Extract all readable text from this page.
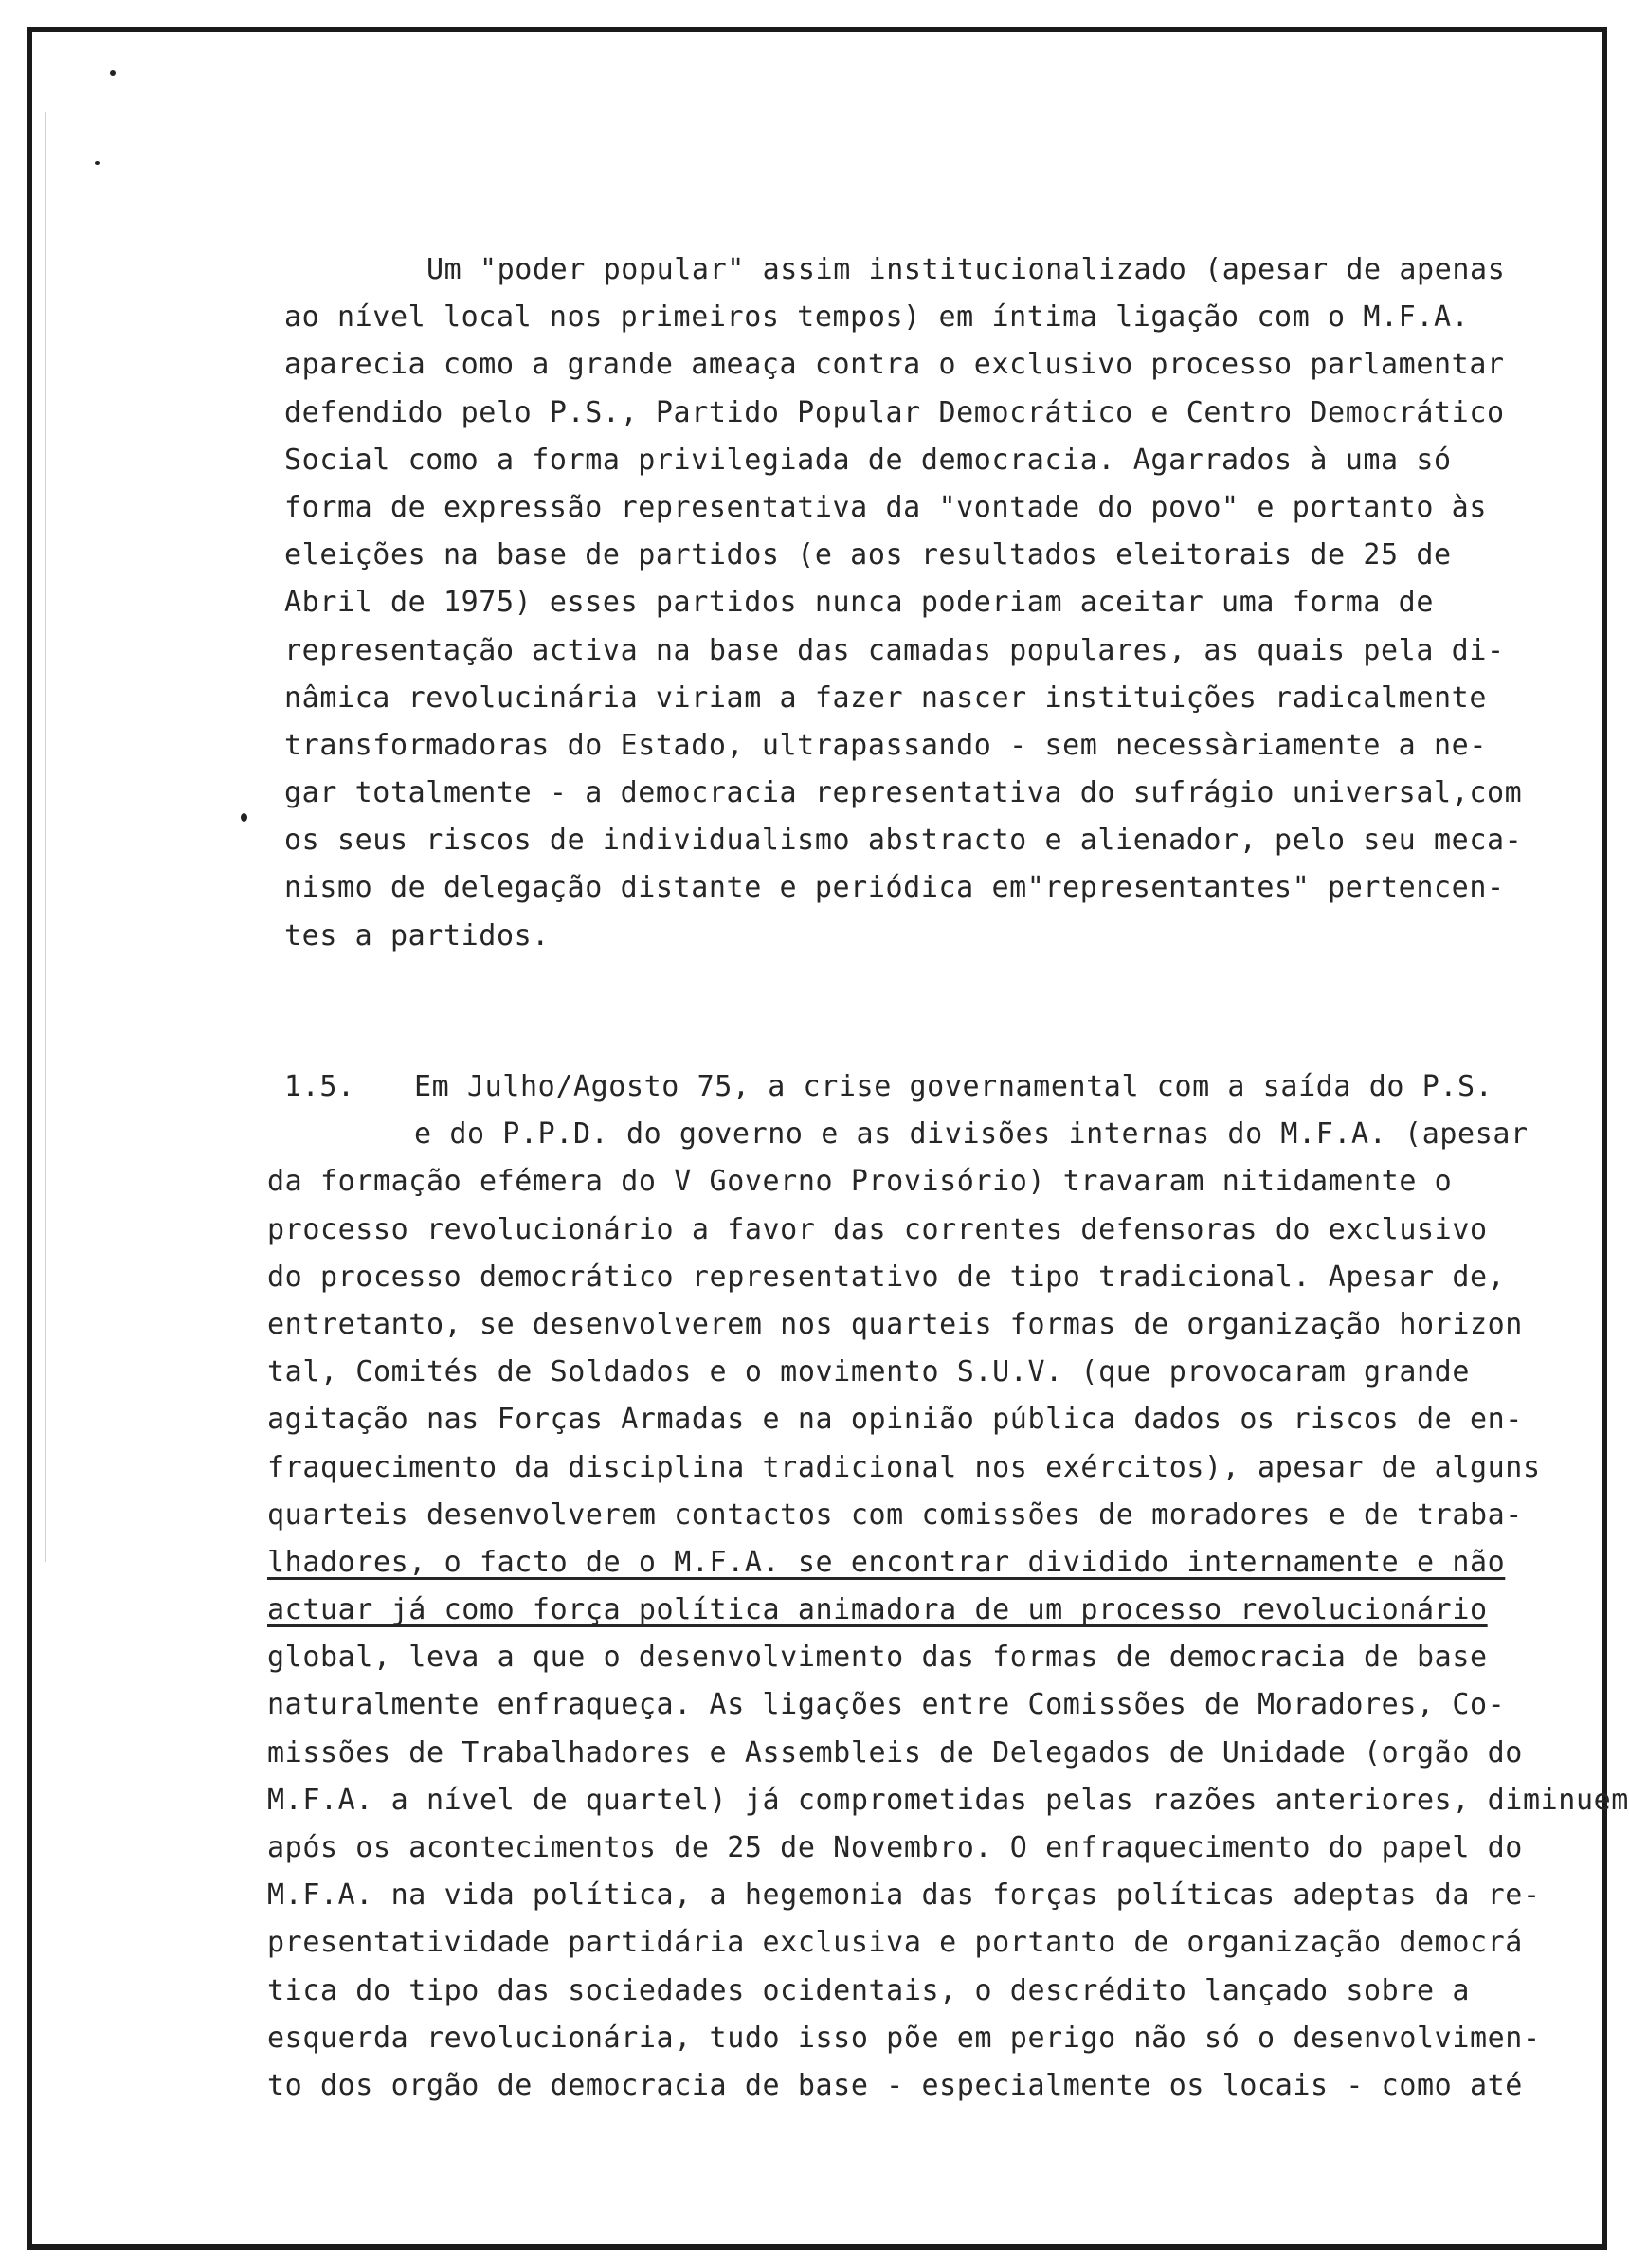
Um "poder popular" assim institucionalizado (apesar de apenas
ao nível local nos primeiros tempos) em íntima ligação com o M.F.A.
aparecia como a grande ameaça contra o exclusivo processo parlamentar
defendido pelo P.S., Partido Popular Democrático e Centro Democrático
Social como a forma privilegiada de democracia. Agarrados à uma só
forma de expressão representativa da "vontade do povo" e portanto às
eleições na base de partidos (e aos resultados eleitorais de 25 de
Abril de 1975) esses partidos nunca poderiam aceitar uma forma de
representação activa na base das camadas populares, as quais pela di-
nâmica revolucinária viriam a fazer nascer instituições radicalmente
transformadoras do Estado, ultrapassando - sem necessàriamente a ne-
gar totalmente - a democracia representativa do sufrágio universal,com
os seus riscos de individualismo abstracto e alienador, pelo seu meca-
nismo de delegação distante e periódica em"representantes" pertencen-
tes a partidos.
1.5.	Em Julho/Agosto 75, a crise governamental com a saída do P.S.
e do P.P.D. do governo e as divisões internas do M.F.A. (apesar
da formação efémera do V Governo Provisório) travaram nitidamente o
processo revolucionário a favor das correntes defensoras do exclusivo
do processo democrático representativo de tipo tradicional. Apesar de,
entretanto, se desenvolverem nos quarteis formas de organização horizon
tal, Comités de Soldados e o movimento S.U.V. (que provocaram grande
agitação nas Forças Armadas e na opinião pública dados os riscos de en-
fraquecimento da disciplina tradicional nos exércitos), apesar de alguns
quarteis desenvolverem contactos com comissões de moradores e de traba-
lhadores, o facto de o M.F.A. se encontrar dividido internamente e não
actuar já como força política animadora de um processo revolucionário
global, leva a que o desenvolvimento das formas de democracia de base
naturalmente enfraqueça. As ligações entre Comissões de Moradores, Co-
missões de Trabalhadores e Assembleis de Delegados de Unidade (orgão do
M.F.A. a nível de quartel) já comprometidas pelas razões anteriores, diminuem
após os acontecimentos de 25 de Novembro. O enfraquecimento do papel do
M.F.A. na vida política, a hegemonia das forças políticas adeptas da re-
presentatividade partidária exclusiva e portanto de organização democrá
tica do tipo das sociedades ocidentais, o descrédito lançado sobre a
esquerda revolucionária, tudo isso põe em perigo não só o desenvolvimen-
to dos orgão de democracia de base - especialmente os locais - como até
